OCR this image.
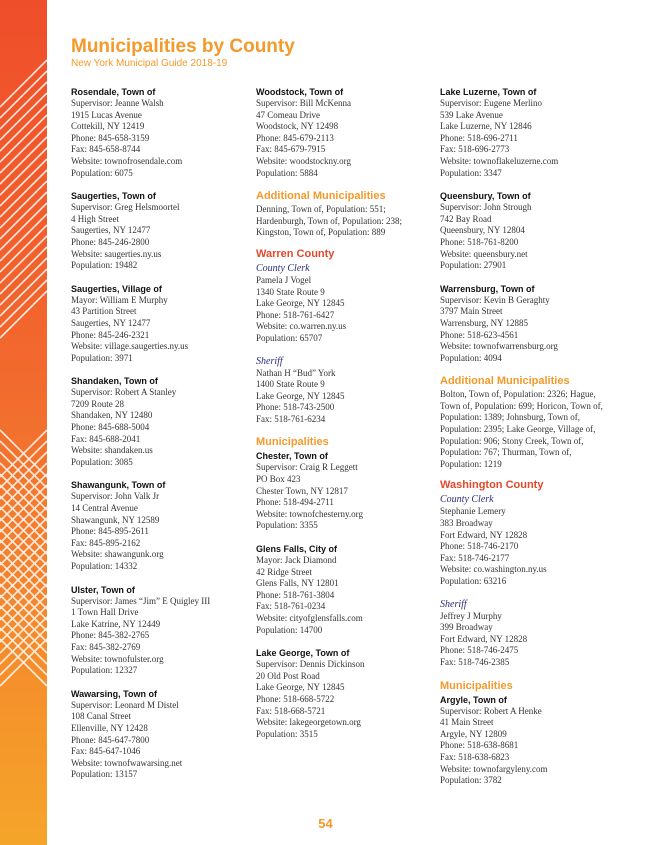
Municipalities by County
New York Municipal Guide 2018-19
Rosendale, Town of
Supervisor: Jeanne Walsh
1915 Lucas Avenue
Cottekill, NY 12419
Phone: 845-658-3159
Fax: 845-658-8744
Website: townofrosendale.com
Population: 6075
Saugerties, Town of
Supervisor: Greg Helsmoortel
4 High Street
Saugerties, NY 12477
Phone: 845-246-2800
Website: saugerties.ny.us
Population: 19482
Saugerties, Village of
Mayor: William E Murphy
43 Partition Street
Saugerties, NY 12477
Phone: 845-246-2321
Website: village.saugerties.ny.us
Population: 3971
Shandaken, Town of
Supervisor: Robert A Stanley
7209 Route 28
Shandaken, NY 12480
Phone: 845-688-5004
Fax: 845-688-2041
Website: shandaken.us
Population: 3085
Shawangunk, Town of
Supervisor: John Valk Jr
14 Central Avenue
Shawangunk, NY 12589
Phone: 845-895-2611
Fax: 845-895-2162
Website: shawangunk.org
Population: 14332
Ulster, Town of
Supervisor: James “Jim” E Quigley III
1 Town Hall Drive
Lake Katrine, NY 12449
Phone: 845-382-2765
Fax: 845-382-2769
Website: townofulster.org
Population: 12327
Wawarsing, Town of
Supervisor: Leonard M Distel
108 Canal Street
Ellenville, NY 12428
Phone: 845-647-7800
Fax: 845-647-1046
Website: townofwawarsing.net
Population: 13157
Woodstock, Town of
Supervisor: Bill McKenna
47 Comeau Drive
Woodstock, NY 12498
Phone: 845-679-2113
Fax: 845-679-7915
Website: woodstockny.org
Population: 5884
Additional Municipalities
Denning, Town of, Population: 551; Hardenburgh, Town of, Population: 238; Kingston, Town of, Population: 889
Warren County
County Clerk
Pamela J Vogel
1340 State Route 9
Lake George, NY 12845
Phone: 518-761-6427
Website: co.warren.ny.us
Population: 65707
Sheriff
Nathan H “Bud” York
1400 State Route 9
Lake George, NY 12845
Phone: 518-743-2500
Fax: 518-761-6234
Municipalities
Chester, Town of
Supervisor: Craig R Leggett
PO Box 423
Chester Town, NY 12817
Phone: 518-494-2711
Website: townofchesterny.org
Population: 3355
Glens Falls, City of
Mayor: Jack Diamond
42 Ridge Street
Glens Falls, NY 12801
Phone: 518-761-3804
Fax: 518-761-0234
Website: cityofglensfalls.com
Population: 14700
Lake George, Town of
Supervisor: Dennis Dickinson
20 Old Post Road
Lake George, NY 12845
Phone: 518-668-5722
Fax: 518-668-5721
Website: lakegeorgetown.org
Population: 3515
Lake Luzerne, Town of
Supervisor: Eugene Merlino
539 Lake Avenue
Lake Luzerne, NY 12846
Phone: 518-696-2711
Fax: 518-696-2773
Website: townoflakeluzerne.com
Population: 3347
Queensbury, Town of
Supervisor: John Strough
742 Bay Road
Queensbury, NY 12804
Phone: 518-761-8200
Website: queensbury.net
Population: 27901
Warrensburg, Town of
Supervisor: Kevin B Geraghty
3797 Main Street
Warrensburg, NY 12885
Phone: 518-623-4561
Website: townofwarrensburg.org
Population: 4094
Additional Municipalities
Bolton, Town of, Population: 2326; Hague, Town of, Population: 699; Horicon, Town of, Population: 1389; Johnsburg, Town of, Population: 2395; Lake George, Village of, Population: 906; Stony Creek, Town of, Population: 767; Thurman, Town of, Population: 1219
Washington County
County Clerk
Stephanie Lemery
383 Broadway
Fort Edward, NY 12828
Phone: 518-746-2170
Fax: 518-746-2177
Website: co.washington.ny.us
Population: 63216
Sheriff
Jeffrey J Murphy
399 Broadway
Fort Edward, NY 12828
Phone: 518-746-2475
Fax: 518-746-2385
Municipalities
Argyle, Town of
Supervisor: Robert A Henke
41 Main Street
Argyle, NY 12809
Phone: 518-638-8681
Fax: 518-638-6823
Website: townofargyleny.com
Population: 3782
54
